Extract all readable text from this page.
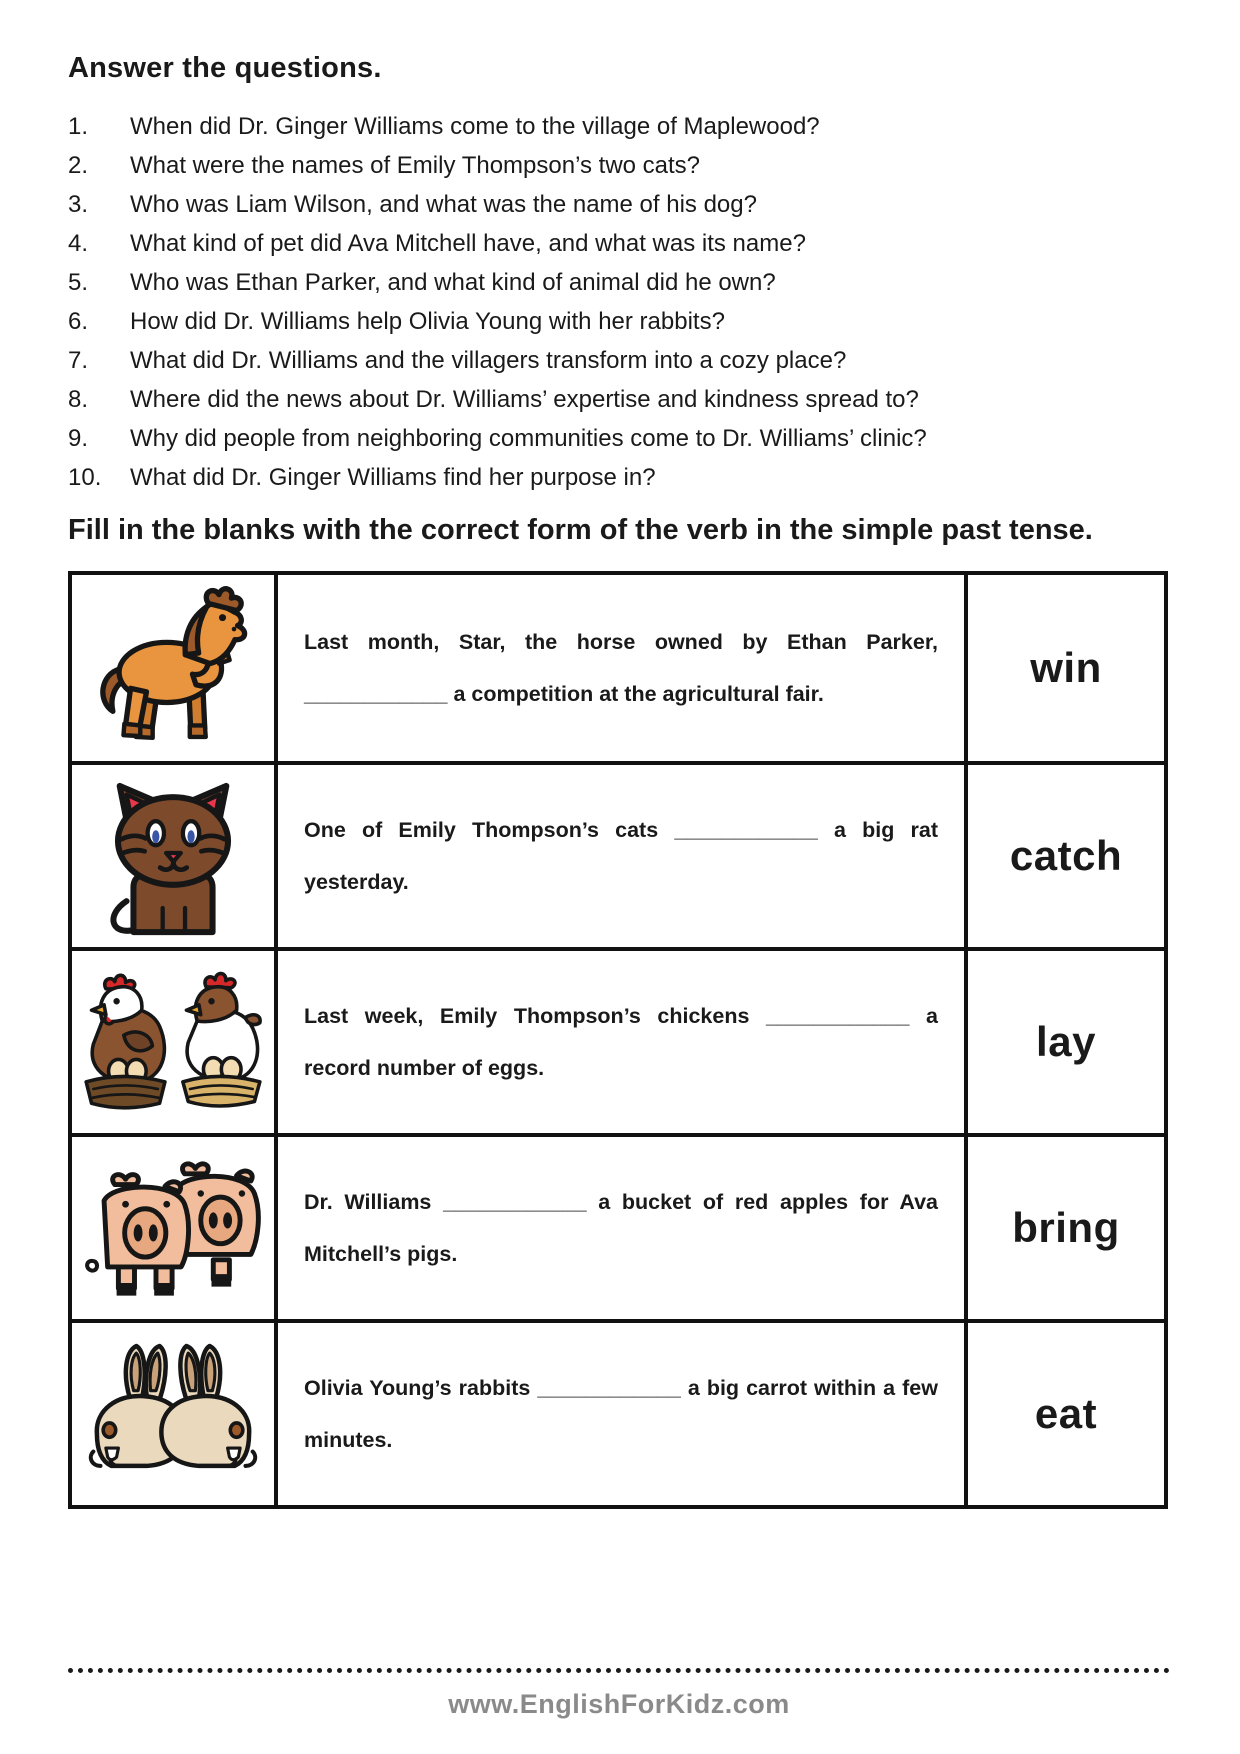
Answer the questions.
1.	When did Dr. Ginger Williams come to the village of Maplewood?
2.	What were the names of Emily Thompson’s two cats?
3.	Who was Liam Wilson, and what was the name of his dog?
4.	What kind of pet did Ava Mitchell have, and what was its name?
5.	Who was Ethan Parker, and what kind of animal did he own?
6.	How did Dr. Williams help Olivia Young with her rabbits?
7.	What did Dr. Williams and the villagers transform into a cozy place?
8.	Where did the news about Dr. Williams’ expertise and kindness spread to?
9.	Why did people from neighboring communities come to Dr. Williams’ clinic?
10.	What did Dr. Ginger Williams find her purpose in?
Fill in the blanks with the correct form of the verb in the simple past tense.

Last month, Star, the horse owned by Ethan Parker, ____________ a competition at the agricultural fair.

win

One of Emily Thompson’s cats ____________ a big rat yesterday.

catch

Last week, Emily Thompson’s chickens ____________ a record number of eggs.

lay

Dr. Williams ____________ a bucket of red apples for Ava Mitchell’s pigs.

bring

Olivia Young’s rabbits ____________ a big carrot within a few minutes.

eat
www.EnglishForKidz.com
